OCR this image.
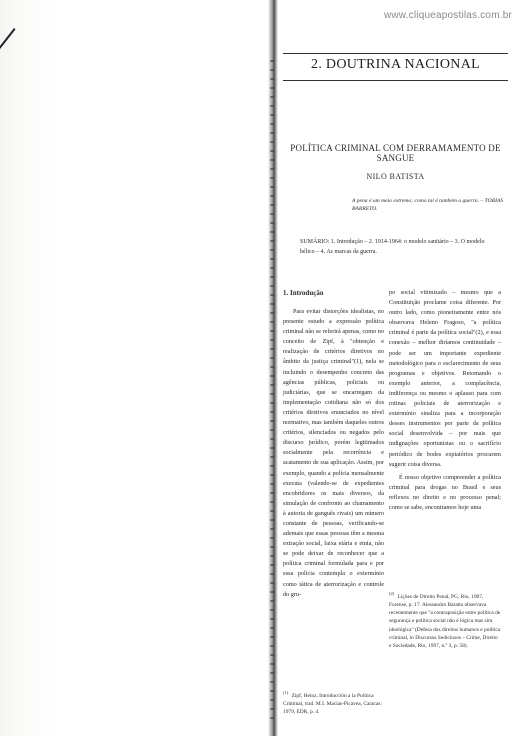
www.cliqueapostilas.com.br
2. DOUTRINA NACIONAL
POLÍTICA CRIMINAL COM DERRAMAMENTO DE SANGUE
NILO BATISTA
A pena é um meio extremo; como tal é também a guerra. – TOBIAS BARRETO.
SUMÁRIO: 1. Introdução – 2. 1914-1964: o modelo sanitário – 3. O modelo bélico – 4. As marcas da guerra.
1. Introdução

Para evitar distorções idealistas, no presente estudo a expressão política criminal não se referirá apenas, como no conceito de Zipf, à "obtenção e realização de critérios diretivos no âmbito da justiça criminal"(1), nela se incluindo o desempenho concreto das agências públicas, policiais ou judiciárias, que se encarregam da implementação cotidiana não só dos critérios diretivos enunciados no nível normativo, mas também daqueles outros critérios, silenciados ou negados pelo discurso jurídico, porém legitimados socialmente pela recorrência e acatamento de sua aplicação. Assim, por exemplo, quando a polícia mensalmente executa (valendo-se de expedientes encobridores os mais diversos, da simulação de confronto ao chamamento à autoria de ganguês rivais) um número constante de pessoas, verificando-se ademais que essas pessoas têm a mesma extração social, faixa etária e etnia, não se pode deixar de reconhecer que a política criminal formulada para e por essa polícia contempla o extermínio como tática de aterrorização e controle do gru-

po social vitimizado – mesmo que a Constituição proclame coisa diferente. Por outro lado, como pioneiramente entre nós observava Heleno Fragoso, "a política criminal é parte da política social"(2), e essa conexão – melhor diríamos continuidade – pode ser um importante expediente metodológico para o esclarecimento de seus programas e objetivos. Retomando o exemplo anterior, a complacência, indiferença ou mesmo o aplauso para com rotinas policiais de aterrorização e extermínio sinaliza para a incorporação desses instrumentos por parte da política social desenvolvida – por mais que indignações oportunistas ou o sacrifício periódico de bodes expiatórios procurem sugerir coisa diversa.

É nosso objetivo compreender a política criminal para drogas no Brasil e seus reflexos no direito e no processo penal; como se sabe, encontramos hoje uma

$^{(2)}$ Lições de Direito Penal, PG, Rio, 1987, Forense, p. 17. Alessandro Baratta observava recentemente que "a contraposição entre política de segurança e política social não é lógica mas sim ideológica" (Defesa dos direitos humanos e política criminal, in Discursos Sediciosos – Crime, Direito e Sociedade, Rio, 1997, n.º 3, p. 58).
$^{(1)}$ Zipf, Heinz, Introducción a la Política Criminal, trad. M.I. Macías-Picavea, Caracas: 1979, EDR, p. 4.
